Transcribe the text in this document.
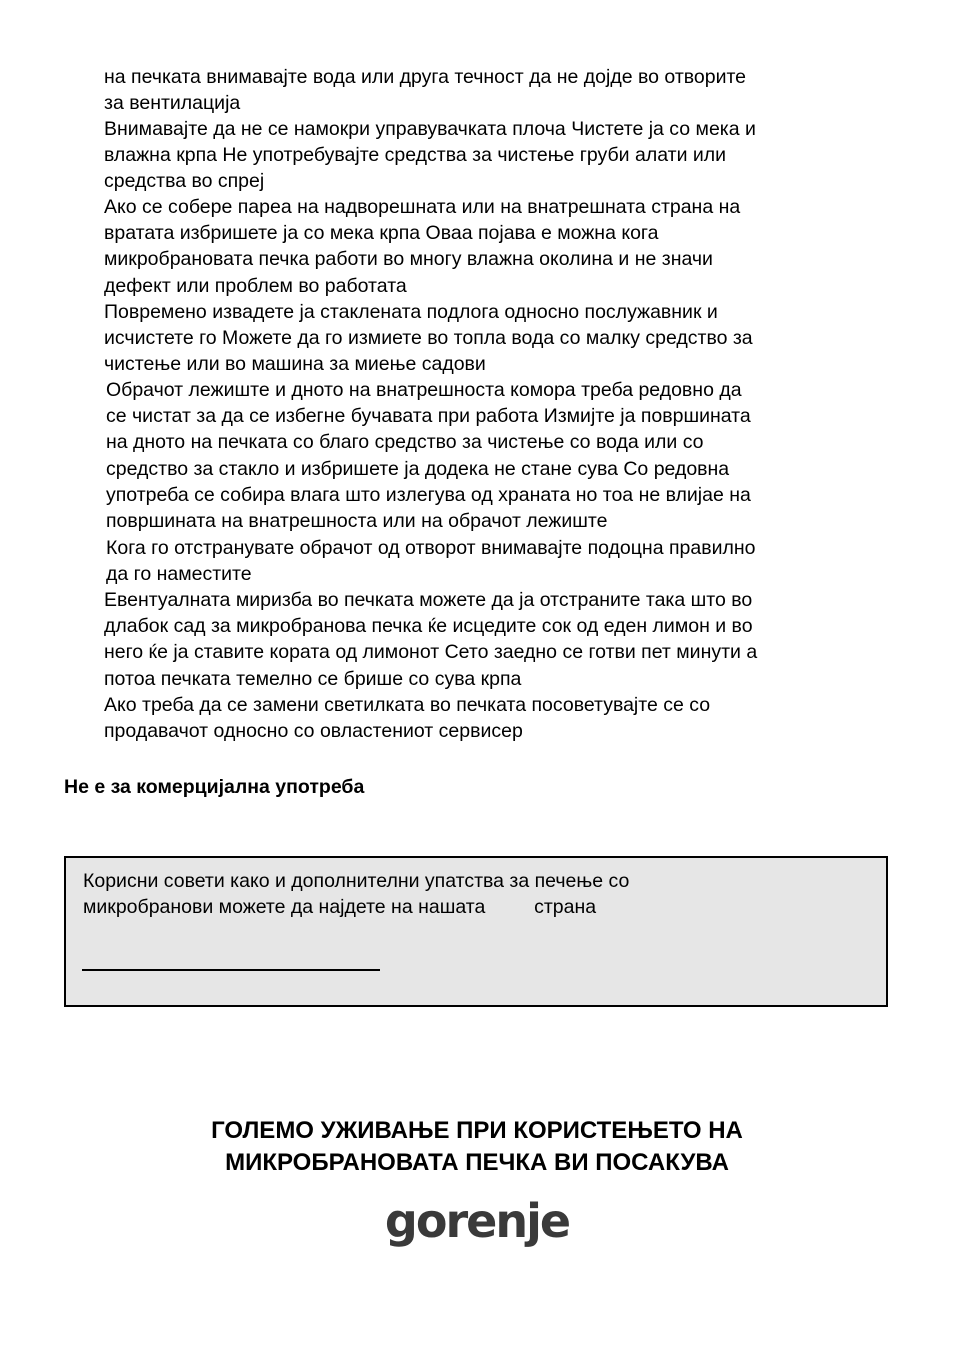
на печката внимавајте вода или друга течност да не дојде во отворите
за вентилација

Внимавајте да не се намокри управувачката плоча Чистете ја со мека и
влажна крпа Не употребувајте средства за чистење груби алати или
средства во спреј

Ако се собере пареа на надворешната или на внатрешната страна на
вратата избришете ја со мека крпа Оваа појава е можна кога
микробрановата печка работи во многу влажна околина и не значи
дефект или проблем во работата

Повремено извадете ја стаклената подлога односно послужавник и
исчистете го Можете да го измиете во топла вода со малку средство за
чистење или во машина за миење садови

Обрачот лежиште и дното на внатрешноста комора треба редовно да
се чистат за да се избегне бучавата при работа Измијте ја површината
на дното на печката со благо средство за чистење со вода или со
средство за стакло и избришете ја додека не стане сува Со редовна
употреба се собира влага што излегува од храната но тоа не влијае на
површината на внатрешноста или на обрачот лежиште

Кога го отстранувате обрачот од отворот внимавајте подоцна правилно
да го наместите

Евентуалната миризба во печката можете да ја отстраните така што во
длабок сад за микробранова печка ќе исцедите сок од еден лимон и во
него ќе ја ставите кората од лимонот Сето заедно се готви пет минути а
потоа печката темелно се брише со сува крпа

Ако треба да се замени светилката во печката посоветувајте се со
продавачот односно со овластениот сервисер

Не е за комерцијална употреба
Корисни совети како и дополнителни упатства за печење со
микробранови можете да најдете на нашата         страна
ГОЛЕМО УЖИВАЊЕ ПРИ КОРИСТЕЊЕТО НА
МИКРОБРАНОВАТА ПЕЧКА ВИ ПОСАКУВА
gorenje
